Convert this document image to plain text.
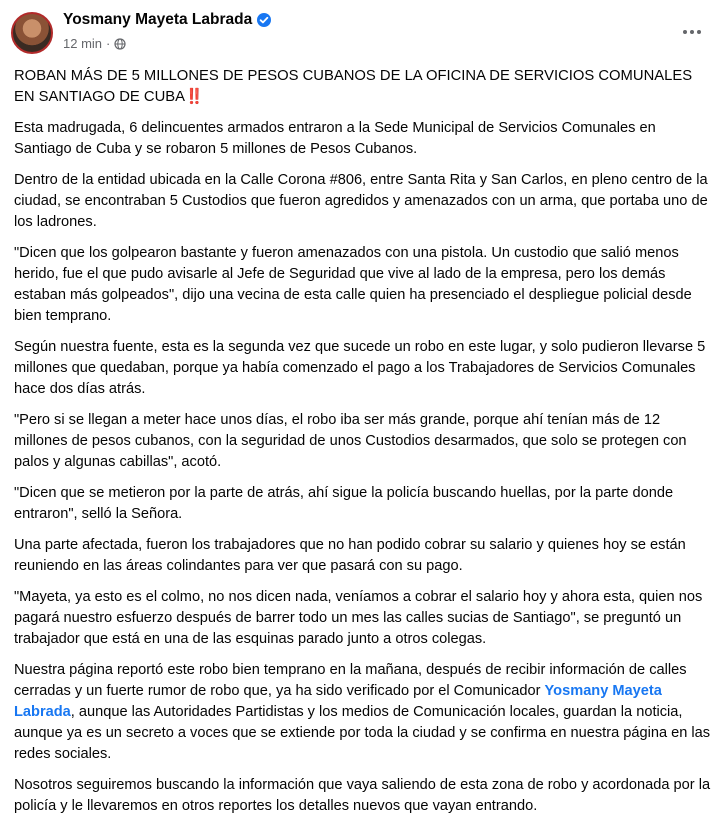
Yosmany Mayeta Labrada
12 min ·

ROBAN MÁS DE 5 MILLONES DE PESOS CUBANOS DE LA OFICINA DE SERVICIOS COMUNALES EN SANTIAGO DE CUBA‼️

Esta madrugada, 6 delincuentes armados entraron a la Sede Municipal de Servicios Comunales en Santiago de Cuba y se robaron 5 millones de Pesos Cubanos.

Dentro de la entidad ubicada en la Calle Corona #806, entre Santa Rita y San Carlos, en pleno centro de la ciudad, se encontraban 5 Custodios que fueron agredidos y amenazados con un arma, que portaba uno de los ladrones.

"Dicen que los golpearon bastante y fueron amenazados con una pistola. Un custodio que salió menos herido, fue el que pudo avisarle al Jefe de Seguridad que vive al lado de la empresa, pero los demás estaban más golpeados", dijo una vecina de esta calle quien ha presenciado el despliegue policial desde bien temprano.

Según nuestra fuente, esta es la segunda vez que sucede un robo en este lugar, y solo pudieron llevarse 5 millones que quedaban, porque ya había comenzado el pago a los Trabajadores de Servicios Comunales hace dos días atrás.

"Pero si se llegan a meter hace unos días, el robo iba ser más grande, porque ahí tenían más de 12 millones de pesos cubanos, con la seguridad de unos Custodios desarmados, que solo se protegen con palos y algunas cabillas", acotó.

"Dicen que se metieron por la parte de atrás, ahí sigue la policía buscando huellas, por la parte donde entraron", selló la Señora.

Una parte afectada, fueron los trabajadores que no han podido cobrar su salario y quienes hoy se están reuniendo en las áreas colindantes para ver que pasará con su pago.

"Mayeta, ya esto es el colmo, no nos dicen nada, veníamos a cobrar el salario hoy y ahora esta, quien nos pagará nuestro esfuerzo después de barrer todo un mes las calles sucias de Santiago", se preguntó un trabajador que está en una de las esquinas parado junto a otros colegas.

Nuestra página reportó este robo bien temprano en la mañana, después de recibir información de calles cerradas y un fuerte rumor de robo que, ya ha sido verificado por el Comunicador Yosmany Mayeta Labrada, aunque las Autoridades Partidistas y los medios de Comunicación locales, guardan la noticia, aunque ya es un secreto a voces que se extiende por toda la ciudad y se confirma en nuestra página en las redes sociales.

Nosotros seguiremos buscando la información que vaya saliendo de esta zona de robo y acordonada por la policía y le llevaremos en otros reportes los detalles nuevos que vayan entrando.
